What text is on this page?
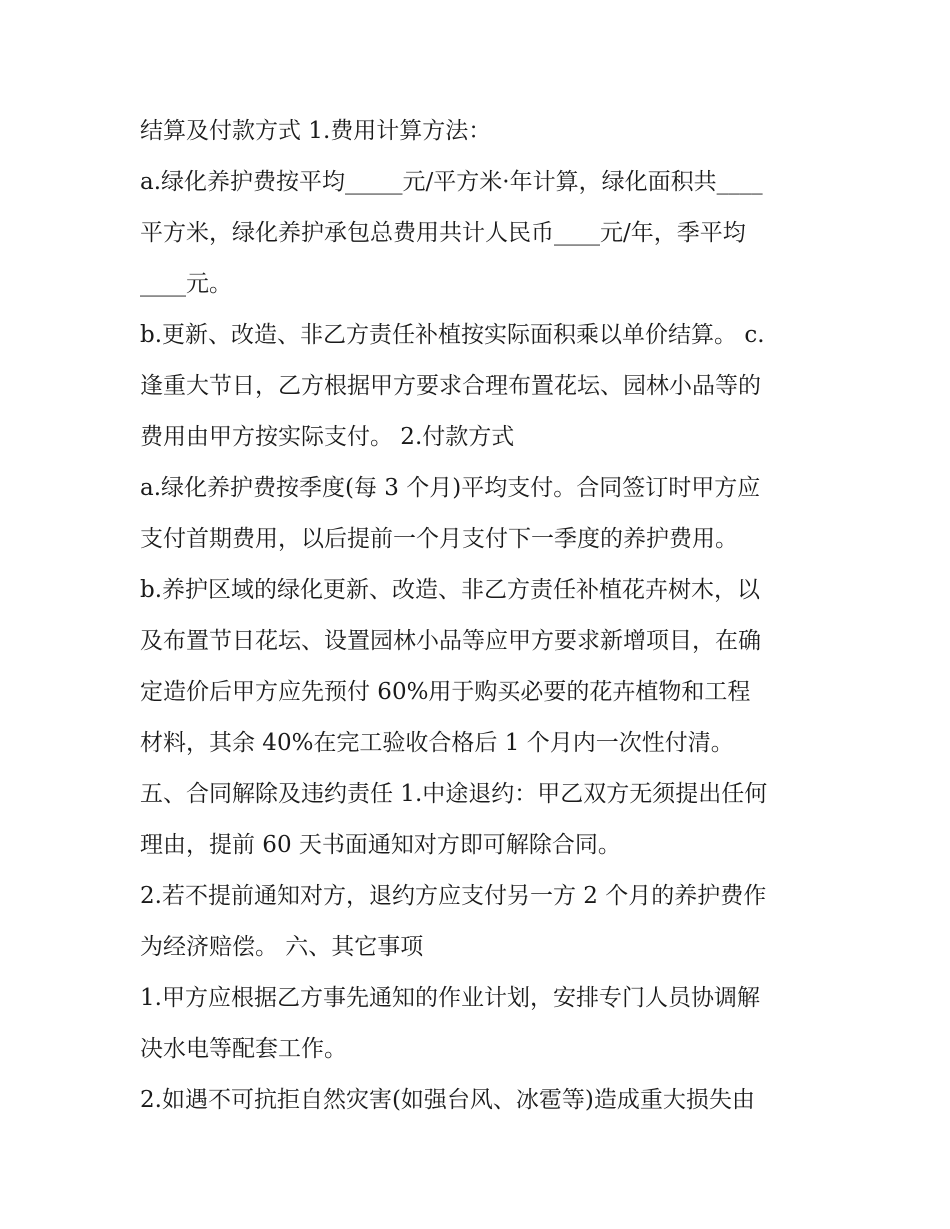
结算及付款方式 1.费用计算方法：
a.绿化养护费按平均_____元/平方米·年计算，绿化面积共____
平方米，绿化养护承包总费用共计人民币____元/年，季平均
____元。
b.更新、改造、非乙方责任补植按实际面积乘以单价结算。 c.
逢重大节日，乙方根据甲方要求合理布置花坛、园林小品等的
费用由甲方按实际支付。 2.付款方式
a.绿化养护费按季度(每 3 个月)平均支付。合同签订时甲方应
支付首期费用，以后提前一个月支付下一季度的养护费用。
b.养护区域的绿化更新、改造、非乙方责任补植花卉树木，以
及布置节日花坛、设置园林小品等应甲方要求新增项目，在确
定造价后甲方应先预付 60%用于购买必要的花卉植物和工程
材料，其余 40%在完工验收合格后 1 个月内一次性付清。
五、合同解除及违约责任 1.中途退约：甲乙双方无须提出任何
理由，提前 60 天书面通知对方即可解除合同。
2.若不提前通知对方，退约方应支付另一方 2 个月的养护费作
为经济赔偿。 六、其它事项
1.甲方应根据乙方事先通知的作业计划，安排专门人员协调解
决水电等配套工作。
2.如遇不可抗拒自然灾害(如强台风、冰雹等)造成重大损失由
